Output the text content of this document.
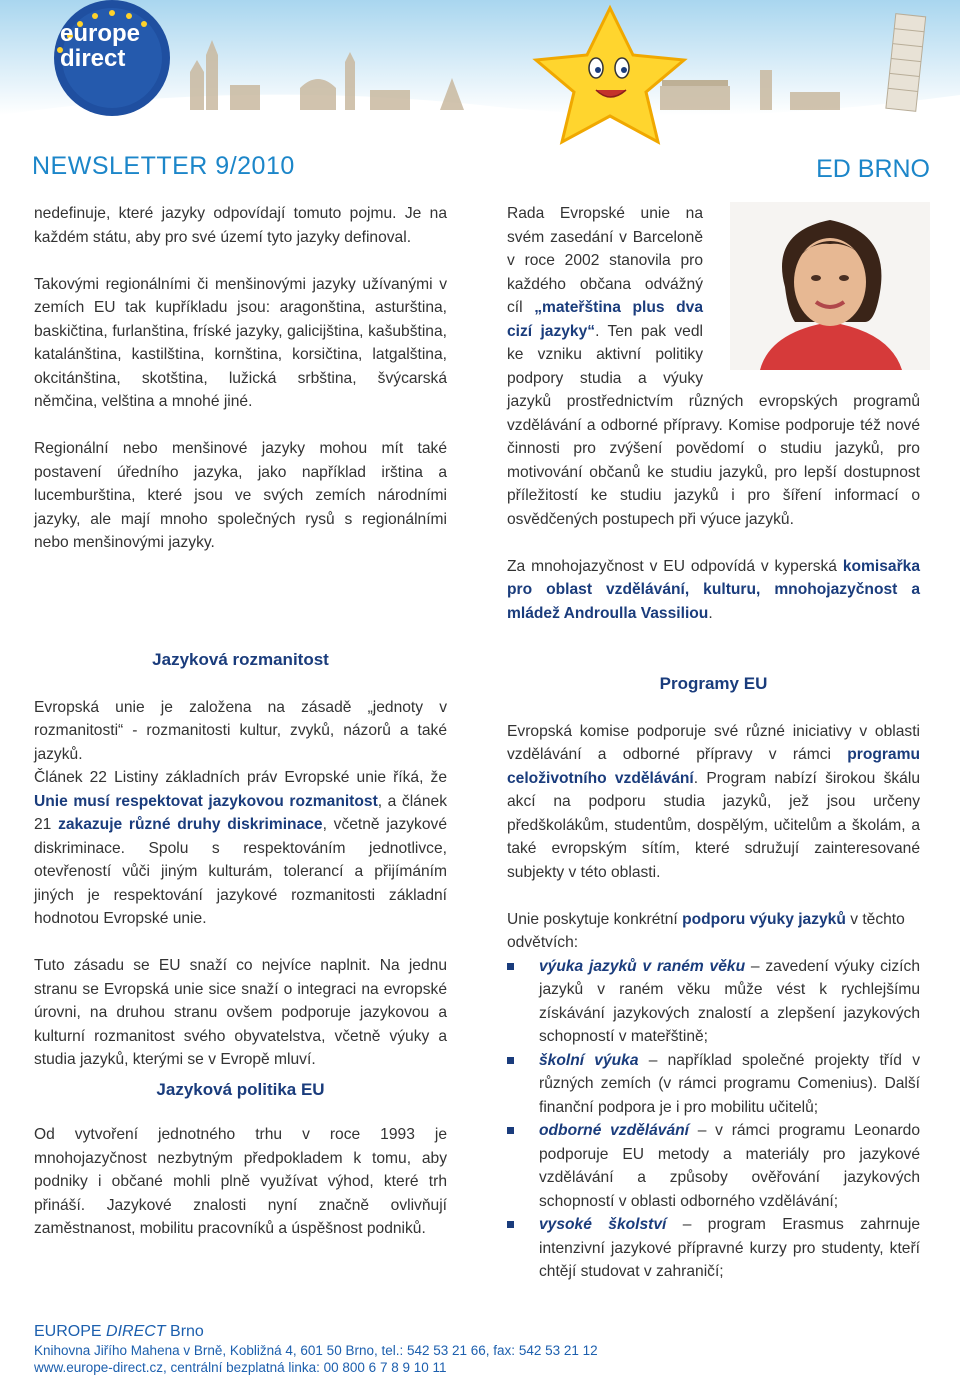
europe
direct
NEWSLETTER 9/2010	ED BRNO

nedefinuje, které jazyky odpovídají tomuto pojmu. Je na každém státu, aby pro své území tyto jazyky definoval.

Takovými regionálními či menšinovými jazyky užívanými v zemích EU tak kupříkladu jsou: aragonština, asturština, baskičtina, furlanština, fríské jazyky, galicijština, kašubština, katalánština, kastilština, kornština, korsičtina, latgalština, okcitánština, skotština, lužická srbština, švýcarská němčina, velština a mnohé jiné.

Regionální nebo menšinové jazyky mohou mít také postavení úředního jazyka, jako například irština a lucemburština, které jsou ve svých zemích národními jazyky, ale mají mnoho společných rysů s regionálními nebo menšinovými jazyky.

Jazyková rozmanitost

Evropská unie je založena na zásadě „jednoty v rozmanitosti“ - rozmanitosti kultur, zvyků, názorů a také jazyků.

Článek 22 Listiny základních práv Evropské unie říká, že Unie musí respektovat jazykovou rozmanitost, a článek 21 zakazuje různé druhy diskriminace, včetně jazykové diskriminace. Spolu s respektováním jednotlivce, otevřeností vůči jiným kulturám, tolerancí a přijímáním jiných je respektování jazykové rozmanitosti základní hodnotou Evropské unie.

Tuto zásadu se EU snaží co nejvíce naplnit. Na jednu stranu se Evropská unie sice snaží o integraci na evropské úrovni, na druhou stranu ovšem podporuje jazykovou a kulturní rozmanitost svého obyvatelstva, včetně výuky a studia jazyků, kterými se v Evropě mluví.

Jazyková politika EU

Od vytvoření jednotného trhu v roce 1993 je mnohojazyčnost nezbytným předpokladem k tomu, aby podniky i občané mohli plně využívat výhod, které trh přináší. Jazykové znalosti nyní značně ovlivňují zaměstnanost, mobilitu pracovníků a úspěšnost podniků.

Rada Evropské unie na svém zasedání v Barceloně v roce 2002 stanovila pro každého občana odvážný cíl „mateřština plus dva cizí jazyky“. Ten pak vedl ke vzniku aktivní politiky podpory studia a výuky jazyků prostřednictvím různých evropských programů vzdělávání a odborné přípravy. Komise podporuje též nové činnosti pro zvýšení povědomí o studiu jazyků, pro motivování občanů ke studiu jazyků, pro lepší dostupnost příležitostí ke studiu jazyků i pro šíření informací o osvědčených postupech při výuce jazyků.

Za mnohojazyčnost v EU odpovídá v kyperská komisařka pro oblast vzdělávání, kulturu, mnohojazyčnost a mládež Androulla Vassiliou.

Programy EU

Evropská komise podporuje své různé iniciativy v oblasti vzdělávání a odborné přípravy v rámci programu celoživotního vzdělávání. Program nabízí širokou škálu akcí na podporu studia jazyků, jež jsou určeny předškolákům, studentům, dospělým, učitelům a školám, a také evropským sítím, které sdružují zainteresované subjekty v této oblasti.

Unie poskytuje konkrétní podporu výuky jazyků v těchto odvětvích:

výuka jazyků v raném věku – zavedení výuky cizích jazyků v raném věku může vést k rychlejšímu získávání jazykových znalostí a zlepšení jazykových schopností v mateřštině;
školní výuka – například společné projekty tříd v různých zemích (v rámci programu Comenius). Další finanční podpora je i pro mobilitu učitelů;
odborné vzdělávání – v rámci programu Leonardo podporuje EU metody a materiály pro jazykové vzdělávání a způsoby ověřování jazykových schopností v oblasti odborného vzdělávání;
vysoké školství – program Erasmus zahrnuje intenzivní jazykové přípravné kurzy pro studenty, kteří chtějí studovat v zahraničí;
EUROPE DIRECT Brno
Knihovna Jiřího Mahena v Brně, Kobližná 4, 601 50 Brno, tel.: 542 53 21 66, fax: 542 53 21 12
www.europe-direct.cz, centrální bezplatná linka: 00 800 6 7 8 9 10 11
